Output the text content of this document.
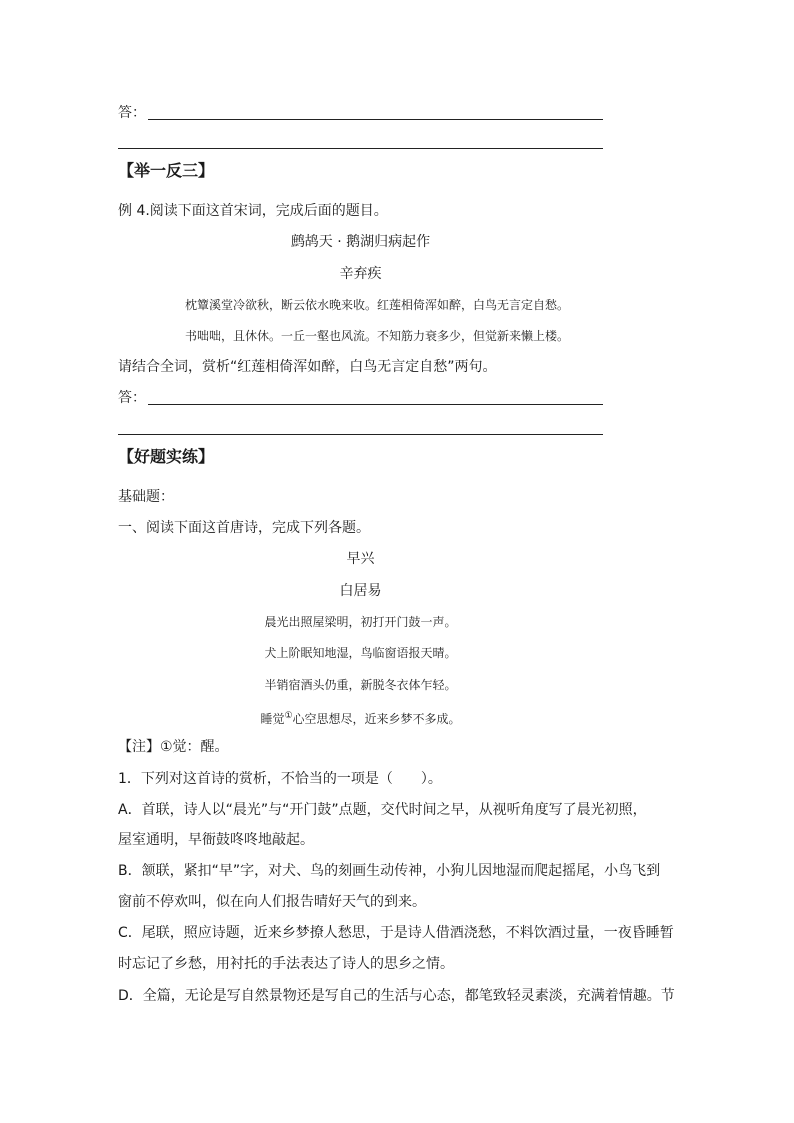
答：
【举一反三】
例 4.阅读下面这首宋词，完成后面的题目。
鹧鸪天 · 鹅湖归病起作
辛弃疾
枕簟溪堂冷欲秋，断云依水晚来收。红莲相倚浑如醉，白鸟无言定自愁。
书咄咄，且休休。一丘一壑也风流。不知筋力衰多少，但觉新来懒上楼。
请结合全词，赏析“红莲相倚浑如醉，白鸟无言定自愁”两句。
答：
【好题实练】
基础题：
一、阅读下面这首唐诗，完成下列各题。
早兴
白居易
晨光出照屋梁明，初打开门鼓一声。
犬上阶眠知地湿，鸟临窗语报天晴。
半销宿酒头仍重，新脱冬衣体乍轻。
睡觉①心空思想尽，近来乡梦不多成。
【注】①觉：醒。
1．下列对这首诗的赏析，不恰当的一项是（　　）。
A．首联，诗人以“晨光”与“开门鼓”点题，交代时间之早，从视听角度写了晨光初照，
屋室通明，早衙鼓咚咚地敲起。
B．颔联，紧扣“早”字，对犬、鸟的刻画生动传神，小狗儿因地湿而爬起摇尾，小鸟飞到
窗前不停欢叫，似在向人们报告晴好天气的到来。
C．尾联，照应诗题，近来乡梦撩人愁思，于是诗人借酒浇愁，不料饮酒过量，一夜昏睡暂
时忘记了乡愁，用衬托的手法表达了诗人的思乡之情。
D．全篇，无论是写自然景物还是写自己的生活与心态，都笔致轻灵素淡，充满着情趣。节
